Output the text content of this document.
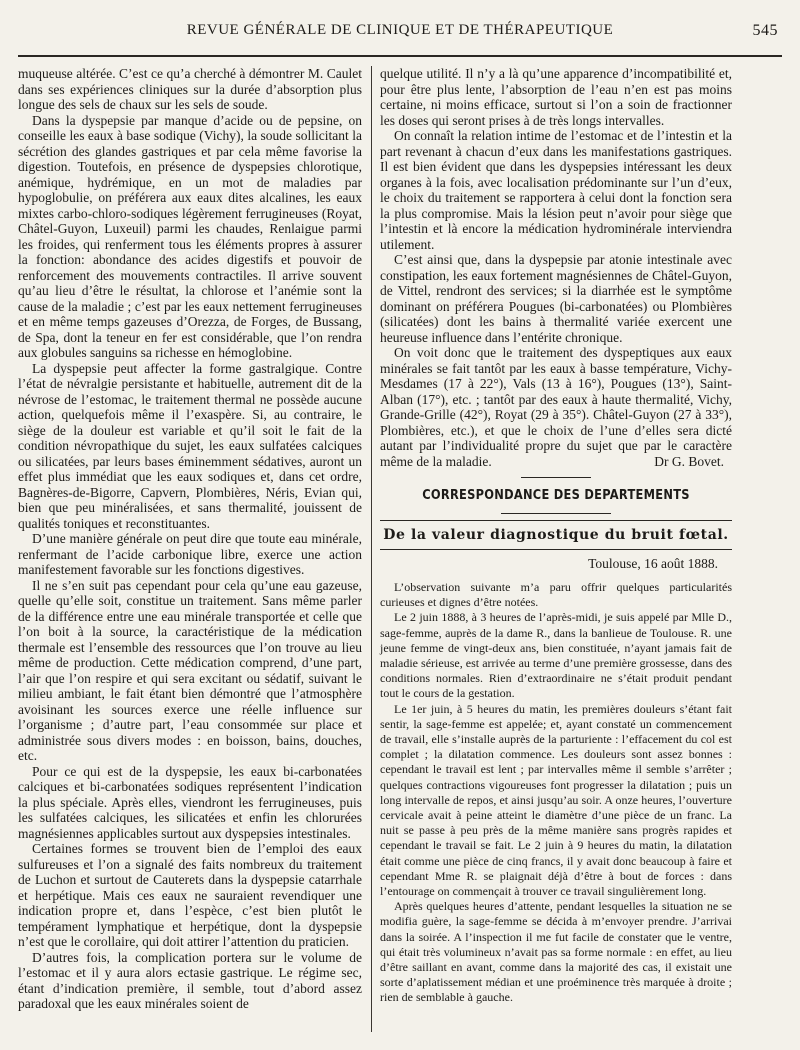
REVUE GÉNÉRALE DE CLINIQUE ET DE THÉRAPEUTIQUE	545

muqueuse altérée. C’est ce qu’a cherché à démontrer M. Caulet dans ses expériences cliniques sur la durée d’absorption plus longue des sels de chaux sur les sels de soude.

Dans la dyspepsie par manque d’acide ou de pepsine, on conseille les eaux à base sodique (Vichy), la soude sollicitant la sécrétion des glandes gastriques et par cela même favorise la digestion. Toutefois, en présence de dyspepsies chlorotique, anémique, hydrémique, en un mot de maladies par hypoglobulie, on préférera aux eaux dites alcalines, les eaux mixtes carbo-chloro-sodiques légèrement ferrugineuses (Royat, Châtel-Guyon, Luxeuil) parmi les chaudes, Renlaigue parmi les froides, qui renferment tous les éléments propres à assurer la fonction: abondance des acides digestifs et pouvoir de renforcement des mouvements contractiles. Il arrive souvent qu’au lieu d’être le résultat, la chlorose et l’anémie sont la cause de la maladie ; c’est par les eaux nettement ferrugineuses et en même temps gazeuses d’Orezza, de Forges, de Bussang, de Spa, dont la teneur en fer est considérable, que l’on rendra aux globules sanguins sa richesse en hémoglobine.

La dyspepsie peut affecter la forme gastralgique. Contre l’état de névralgie persistante et habituelle, autrement dit de la névrose de l’estomac, le traitement thermal ne possède aucune action, quelquefois même il l’exaspère. Si, au contraire, le siège de la douleur est variable et qu’il soit le fait de la condition névropathique du sujet, les eaux sulfatées calciques ou silicatées, par leurs bases éminemment sédatives, auront un effet plus immédiat que les eaux sodiques et, dans cet ordre, Bagnères-de-Bigorre, Capvern, Plombières, Néris, Evian qui, bien que peu minéralisées, et sans thermalité, jouissent de qualités toniques et reconstituantes.

D’une manière générale on peut dire que toute eau minérale, renfermant de l’acide carbonique libre, exerce une action manifestement favorable sur les fonctions digestives.

Il ne s’en suit pas cependant pour cela qu’une eau gazeuse, quelle qu’elle soit, constitue un traitement. Sans même parler de la différence entre une eau minérale transportée et celle que l’on boit à la source, la caractéristique de la médication thermale est l’ensemble des ressources que l’on trouve au lieu même de production. Cette médication comprend, d’une part, l’air que l’on respire et qui sera excitant ou sédatif, suivant le milieu ambiant, le fait étant bien démontré que l’atmosphère avoisinant les sources exerce une réelle influence sur l’organisme ; d’autre part, l’eau consommée sur place et administrée sous divers modes : en boisson, bains, douches, etc.

Pour ce qui est de la dyspepsie, les eaux bi-carbonatées calciques et bi-carbonatées sodiques représentent l’indication la plus spéciale. Après elles, viendront les ferrugineuses, puis les sulfatées calciques, les silicatées et enfin les chlorurées magnésiennes applicables surtout aux dyspepsies intestinales.

Certaines formes se trouvent bien de l’emploi des eaux sulfureuses et l’on a signalé des faits nombreux du traitement de Luchon et surtout de Cauterets dans la dyspepsie catarrhale et herpétique. Mais ces eaux ne sauraient revendiquer une indication propre et, dans l’espèce, c’est bien plutôt le tempérament lymphatique et herpétique, dont la dyspepsie n’est que le corollaire, qui doit attirer l’attention du praticien.

D’autres fois, la complication portera sur le volume de l’estomac et il y aura alors ectasie gastrique. Le régime sec, étant d’indication première, il semble, tout d’abord assez paradoxal que les eaux minérales soient de

quelque utilité. Il n’y a là qu’une apparence d’incompatibilité et, pour être plus lente, l’absorption de l’eau n’en est pas moins certaine, ni moins efficace, surtout si l’on a soin de fractionner les doses qui seront prises à de très longs intervalles.

On connaît la relation intime de l’estomac et de l’intestin et la part revenant à chacun d’eux dans les manifestations gastriques. Il est bien évident que dans les dyspepsies intéressant les deux organes à la fois, avec localisation prédominante sur l’un d’eux, le choix du traitement se rapportera à celui dont la fonction sera la plus compromise. Mais la lésion peut n’avoir pour siège que l’intestin et là encore la médication hydrominérale interviendra utilement.

C’est ainsi que, dans la dyspepsie par atonie intestinale avec constipation, les eaux fortement magnésiennes de Châtel-Guyon, de Vittel, rendront des services; si la diarrhée est le symptôme dominant on préférera Pougues (bi-carbonatées) ou Plombières (silicatées) dont les bains à thermalité variée exercent une heureuse influence dans l’entérite chronique.

On voit donc que le traitement des dyspeptiques aux eaux minérales se fait tantôt par les eaux à basse température, Vichy-Mesdames (17 à 22°), Vals (13 à 16°), Pougues (13°), Saint-Alban (17°), etc. ; tantôt par des eaux à haute thermalité, Vichy, Grande-Grille (42°), Royat (29 à 35°). Châtel-Guyon (27 à 33°), Plombières, etc.), et que le choix de l’une d’elles sera dicté autant par l’individualité propre du sujet que par le caractère même de la maladie.	Dr G. Bovet.
CORRESPONDANCE DES DEPARTEMENTS
De la valeur diagnostique du bruit fœtal.
Toulouse, 16 août 1888.

L’observation suivante m’a paru offrir quelques particularités curieuses et dignes d’être notées.

Le 2 juin 1888, à 3 heures de l’après-midi, je suis appelé par Mlle D., sage-femme, auprès de la dame R., dans la banlieue de Toulouse. R. une jeune femme de vingt-deux ans, bien constituée, n’ayant jamais fait de maladie sérieuse, est arrivée au terme d’une première grossesse, dans des conditions normales. Rien d’extraordinaire ne s’était produit pendant tout le cours de la gestation.

Le 1er juin, à 5 heures du matin, les premières douleurs s’étant fait sentir, la sage-femme est appelée; et, ayant constaté un commencement de travail, elle s’installe auprès de la parturiente : l’effacement du col est complet ; la dilatation commence. Les douleurs sont assez bonnes : cependant le travail est lent ; par intervalles même il semble s’arrêter ; quelques contractions vigoureuses font progresser la dilatation ; puis un long intervalle de repos, et ainsi jusqu’au soir. A onze heures, l’ouverture cervicale avait à peine atteint le diamètre d’une pièce de un franc. La nuit se passe à peu près de la même manière sans progrès rapides et cependant le travail se fait. Le 2 juin à 9 heures du matin, la dilatation était comme une pièce de cinq francs, il y avait donc beaucoup à faire et cependant Mme R. se plaignait déjà d’être à bout de forces : dans l’entourage on commençait à trouver ce travail singulièrement long.

Après quelques heures d’attente, pendant lesquelles la situation ne se modifia guère, la sage-femme se décida à m’envoyer prendre. J’arrivai dans la soirée. A l’inspection il me fut facile de constater que le ventre, qui était très volumineux n’avait pas sa forme normale : en effet, au lieu d’être saillant en avant, comme dans la majorité des cas, il existait une sorte d’aplatissement médian et une proéminence très marquée à droite ; rien de semblable à gauche.
